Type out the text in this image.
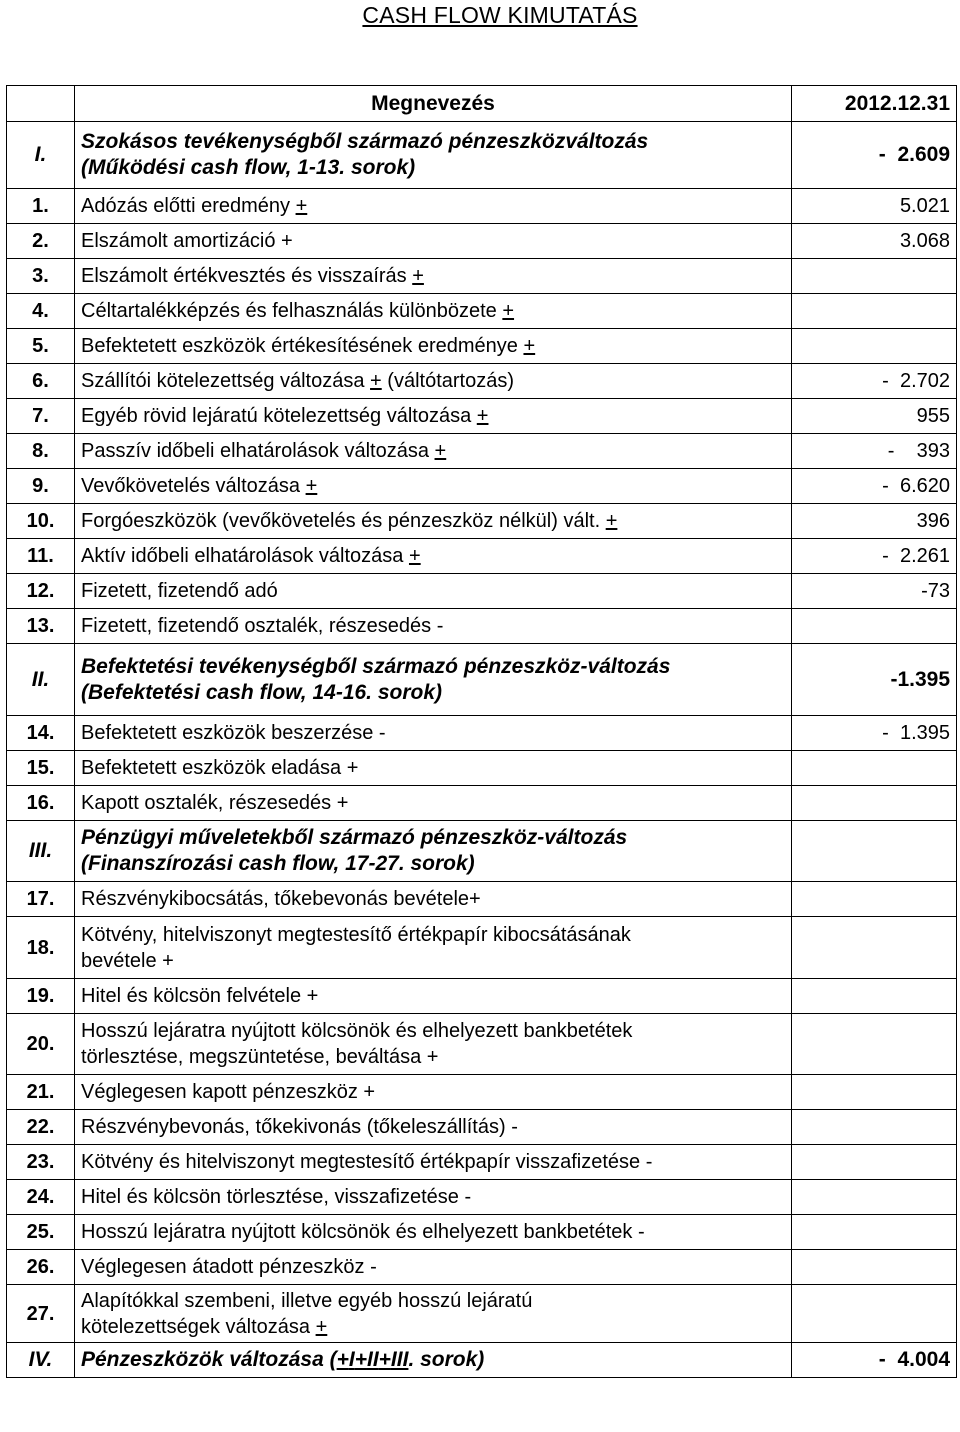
CASH FLOW KIMUTATÁS
	Megnevezés	2012.12.31
I.	Szokásos tevékenységből származó pénzeszközváltozás
(Működési cash flow, 1-13. sorok)	-  2.609
1.	Adózás előtti eredmény +	5.021
2.	Elszámolt amortizáció +	3.068
3.	Elszámolt értékvesztés és visszaírás +	
4.	Céltartalékképzés és felhasználás különbözete +	
5.	Befektetett eszközök értékesítésének eredménye +	
6.	Szállítói kötelezettség változása + (váltótartozás)	-  2.702
7.	Egyéb rövid lejáratú kötelezettség változása +	955
8.	Passzív időbeli elhatárolások változása +	-    393
9.	Vevőkövetelés változása +	-  6.620
10.	Forgóeszközök (vevőkövetelés és pénzeszköz nélkül) vált. +	396
11.	Aktív időbeli elhatárolások változása +	-  2.261
12.	Fizetett, fizetendő adó	-73
13.	Fizetett, fizetendő osztalék, részesedés -	
II.	Befektetési tevékenységből származó pénzeszköz-változás
(Befektetési cash flow, 14-16. sorok)	-1.395
14.	Befektetett eszközök beszerzése -	-  1.395
15.	Befektetett eszközök eladása +	
16.	Kapott osztalék, részesedés +	
III.	Pénzügyi műveletekből származó pénzeszköz-változás
(Finanszírozási cash flow, 17-27. sorok)	

17.	Részvénykibocsátás, tőkebevonás bevétele+	
18.	Kötvény, hitelviszonyt megtestesítő értékpapír kibocsátásának
bevétele +	

19.	Hitel és kölcsön felvétele +	
20.	Hosszú lejáratra nyújtott kölcsönök és elhelyezett bankbetétek
törlesztése, megszüntetése, beváltása +	

21.	Véglegesen kapott pénzeszköz +	
22.	Részvénybevonás, tőkekivonás (tőkeleszállítás) -	
23.	Kötvény és hitelviszonyt megtestesítő értékpapír visszafizetése -	
24.	Hitel és kölcsön törlesztése, visszafizetése -	
25.	Hosszú lejáratra nyújtott kölcsönök és elhelyezett bankbetétek -	
26.	Véglegesen átadott pénzeszköz -	
27.	Alapítókkal szembeni, illetve egyéb hosszú lejáratú
kötelezettségek változása +	

IV.	Pénzeszközök változása (+I+II+III. sorok)	-  4.004
